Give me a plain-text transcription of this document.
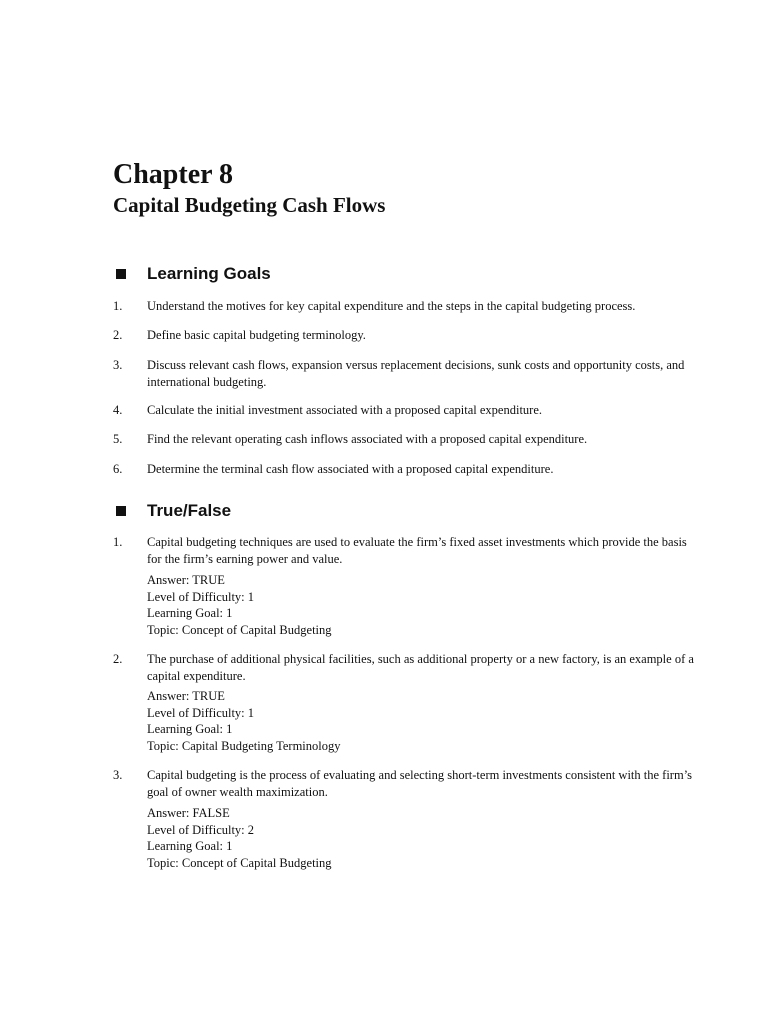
Chapter 8
Capital Budgeting Cash Flows
Learning Goals
1.	Understand the motives for key capital expenditure and the steps in the capital budgeting process.
2.	Define basic capital budgeting terminology.
3.	Discuss relevant cash flows, expansion versus replacement decisions, sunk costs and opportunity costs, and international budgeting.
4.	Calculate the initial investment associated with a proposed capital expenditure.
5.	Find the relevant operating cash inflows associated with a proposed capital expenditure.
6.	Determine the terminal cash flow associated with a proposed capital expenditure.
True/False
1.	Capital budgeting techniques are used to evaluate the firm’s fixed asset investments which provide the basis for the firm’s earning power and value.
Answer: TRUE
Level of Difficulty: 1
Learning Goal: 1
Topic: Concept of Capital Budgeting
2.	The purchase of additional physical facilities, such as additional property or a new factory, is an example of a capital expenditure.
Answer: TRUE
Level of Difficulty: 1
Learning Goal: 1
Topic: Capital Budgeting Terminology
3.	Capital budgeting is the process of evaluating and selecting short-term investments consistent with the firm’s goal of owner wealth maximization.
Answer: FALSE
Level of Difficulty: 2
Learning Goal: 1
Topic: Concept of Capital Budgeting
